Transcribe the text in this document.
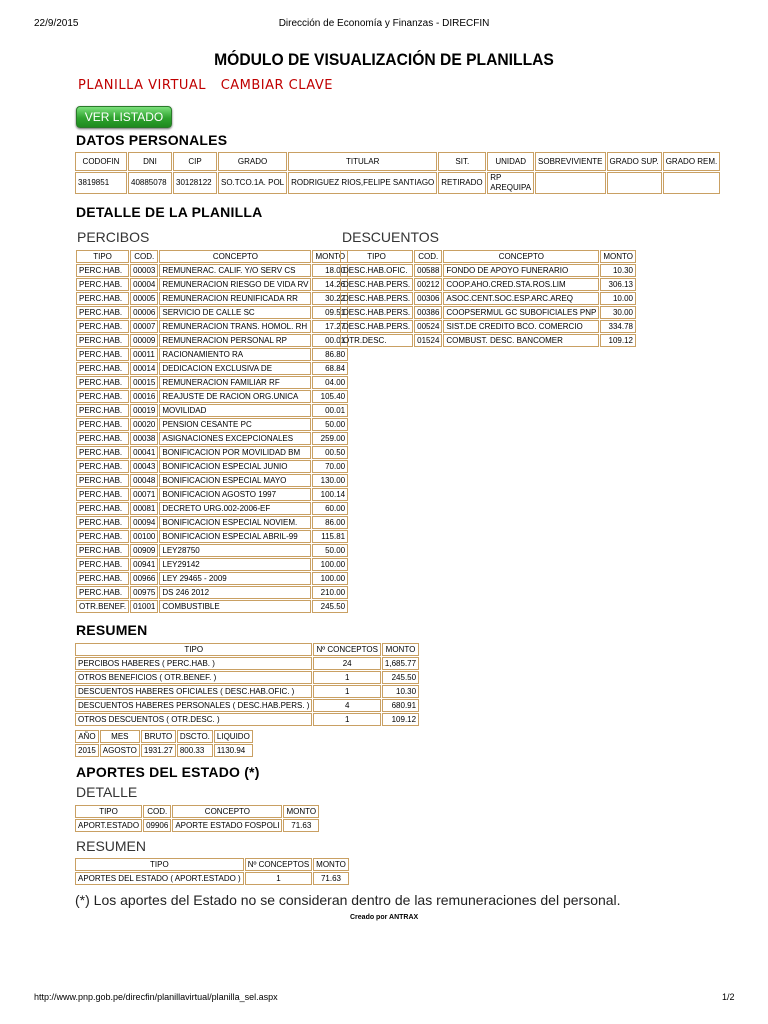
22/9/2015	Dirección de Economía y Finanzas - DIRECFIN
MÓDULO DE VISUALIZACIÓN DE PLANILLAS
PLANILLA VIRTUAL CAMBIAR CLAVE
VER LISTADO
DATOS PERSONALES
CODOFIN	DNI	CIP	GRADO	TITULAR	SIT.	UNIDAD	SOBREVIVIENTE	GRADO SUP.	GRADO REM.
3819851	40885078	30128122	SO.TCO.1A. POL	RODRIGUEZ RIOS,FELIPE SANTIAGO	RETIRADO	RP AREQUIPA			
DETALLE DE LA PLANILLA
PERCIBOS	DESCUENTOS
TIPO	COD.	CONCEPTO	MONTO
PERC.HAB.	00003	REMUNERAC. CALIF. Y/O SERV CS	18.00
PERC.HAB.	00004	REMUNERACION RIESGO DE VIDA RV	14.26
PERC.HAB.	00005	REMUNERACION REUNIFICADA RR	30.22
PERC.HAB.	00006	SERVICIO DE CALLE SC	09.51
PERC.HAB.	00007	REMUNERACION TRANS. HOMOL. RH	17.27
PERC.HAB.	00009	REMUNERACION PERSONAL RP	00.01
PERC.HAB.	00011	RACIONAMIENTO RA	86.80
PERC.HAB.	00014	DEDICACION EXCLUSIVA DE	68.84
PERC.HAB.	00015	REMUNERACION FAMILIAR RF	04.00
PERC.HAB.	00016	REAJUSTE DE RACION ORG.UNICA	105.40
PERC.HAB.	00019	MOVILIDAD	00.01
PERC.HAB.	00020	PENSION CESANTE PC	50.00
PERC.HAB.	00038	ASIGNACIONES EXCEPCIONALES	259.00
PERC.HAB.	00041	BONIFICACION POR MOVILIDAD BM	00.50
PERC.HAB.	00043	BONIFICACION ESPECIAL JUNIO	70.00
PERC.HAB.	00048	BONIFICACION ESPECIAL MAYO	130.00
PERC.HAB.	00071	BONIFICACION AGOSTO 1997	100.14
PERC.HAB.	00081	DECRETO URG.002-2006-EF	60.00
PERC.HAB.	00094	BONIFICACION ESPECIAL NOVIEM.	86.00
PERC.HAB.	00100	BONIFICACION ESPECIAL ABRIL-99	115.81
PERC.HAB.	00909	LEY28750	50.00
PERC.HAB.	00941	LEY29142	100.00
PERC.HAB.	00966	LEY 29465 - 2009	100.00
PERC.HAB.	00975	DS 246 2012	210.00
OTR.BENEF.	01001	COMBUSTIBLE	245.50
TIPO	COD.	CONCEPTO	MONTO
DESC.HAB.OFIC.	00588	FONDO DE APOYO FUNERARIO	10.30
DESC.HAB.PERS.	00212	COOP.AHO.CRED.STA.ROS.LIM	306.13
DESC.HAB.PERS.	00306	ASOC.CENT.SOC.ESP.ARC.AREQ	10.00
DESC.HAB.PERS.	00386	COOPSERMUL GC SUBOFICIALES PNP	30.00
DESC.HAB.PERS.	00524	SIST.DE CREDITO BCO. COMERCIO	334.78
OTR.DESC.	01524	COMBUST. DESC. BANCOMER	109.12
RESUMEN
TIPO	Nº CONCEPTOS	MONTO
PERCIBOS HABERES ( PERC.HAB. )	24	1,685.77
OTROS BENEFICIOS ( OTR.BENEF. )	1	245.50
DESCUENTOS HABERES OFICIALES ( DESC.HAB.OFIC. )	1	10.30
DESCUENTOS HABERES PERSONALES ( DESC.HAB.PERS. )	4	680.91
OTROS DESCUENTOS ( OTR.DESC. )	1	109.12
AÑO	MES	BRUTO	DSCTO.	LIQUIDO
2015	AGOSTO	1931.27	800.33	1130.94
APORTES DEL ESTADO (*)
DETALLE
TIPO	COD.	CONCEPTO	MONTO
APORT.ESTADO	09906	APORTE ESTADO FOSPOLI	71.63
RESUMEN
TIPO	Nº CONCEPTOS	MONTO
APORTES DEL ESTADO ( APORT.ESTADO )	1	71.63
(*) Los aportes del Estado no se consideran dentro de las remuneraciones del personal.
Creado por ANTRAX
http://www.pnp.gob.pe/direcfin/planillavirtual/planilla_sel.aspx	1/2
